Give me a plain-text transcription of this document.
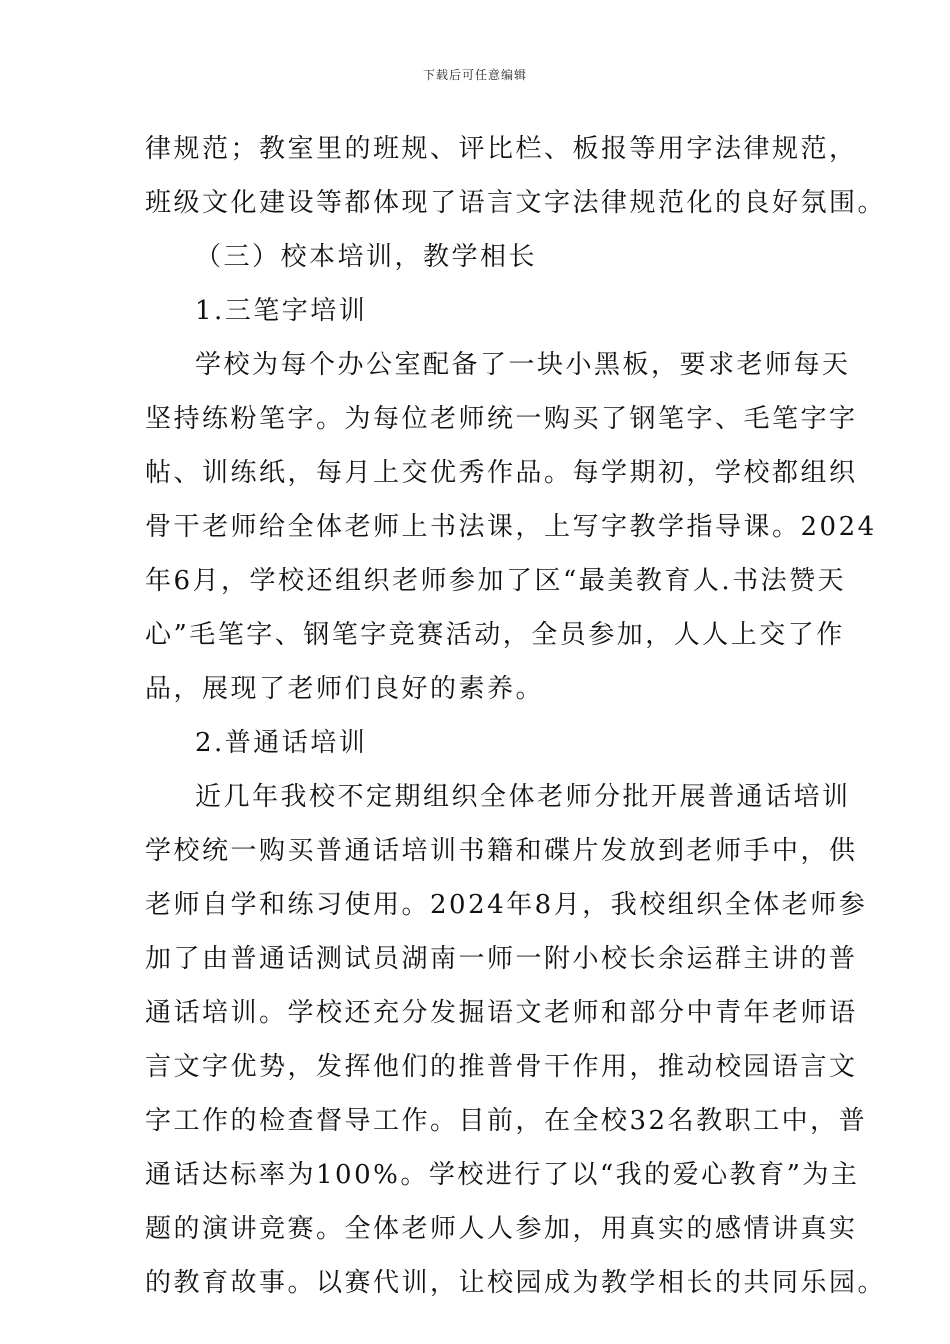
下载后可任意编辑
律规范；教室里的班规、评比栏、板报等用字法律规范，
班级文化建设等都体现了语言文字法律规范化的良好氛围。
（三）校本培训，教学相长
1.三笔字培训
学校为每个办公室配备了一块小黑板，要求老师每天
坚持练粉笔字。为每位老师统一购买了钢笔字、毛笔字字
帖、训练纸，每月上交优秀作品。每学期初，学校都组织
骨干老师给全体老师上书法课，上写字教学指导课。2024
年6月，学校还组织老师参加了区“最美教育人.书法赞天
心”毛笔字、钢笔字竞赛活动，全员参加，人人上交了作
品，展现了老师们良好的素养。
2.普通话培训
近几年我校不定期组织全体老师分批开展普通话培训
学校统一购买普通话培训书籍和碟片发放到老师手中，供
老师自学和练习使用。2024年8月，我校组织全体老师参
加了由普通话测试员湖南一师一附小校长余运群主讲的普
通话培训。学校还充分发掘语文老师和部分中青年老师语
言文字优势，发挥他们的推普骨干作用，推动校园语言文
字工作的检查督导工作。目前，在全校32名教职工中，普
通话达标率为100%。学校进行了以“我的爱心教育”为主
题的演讲竞赛。全体老师人人参加，用真实的感情讲真实
的教育故事。以赛代训，让校园成为教学相长的共同乐园。
